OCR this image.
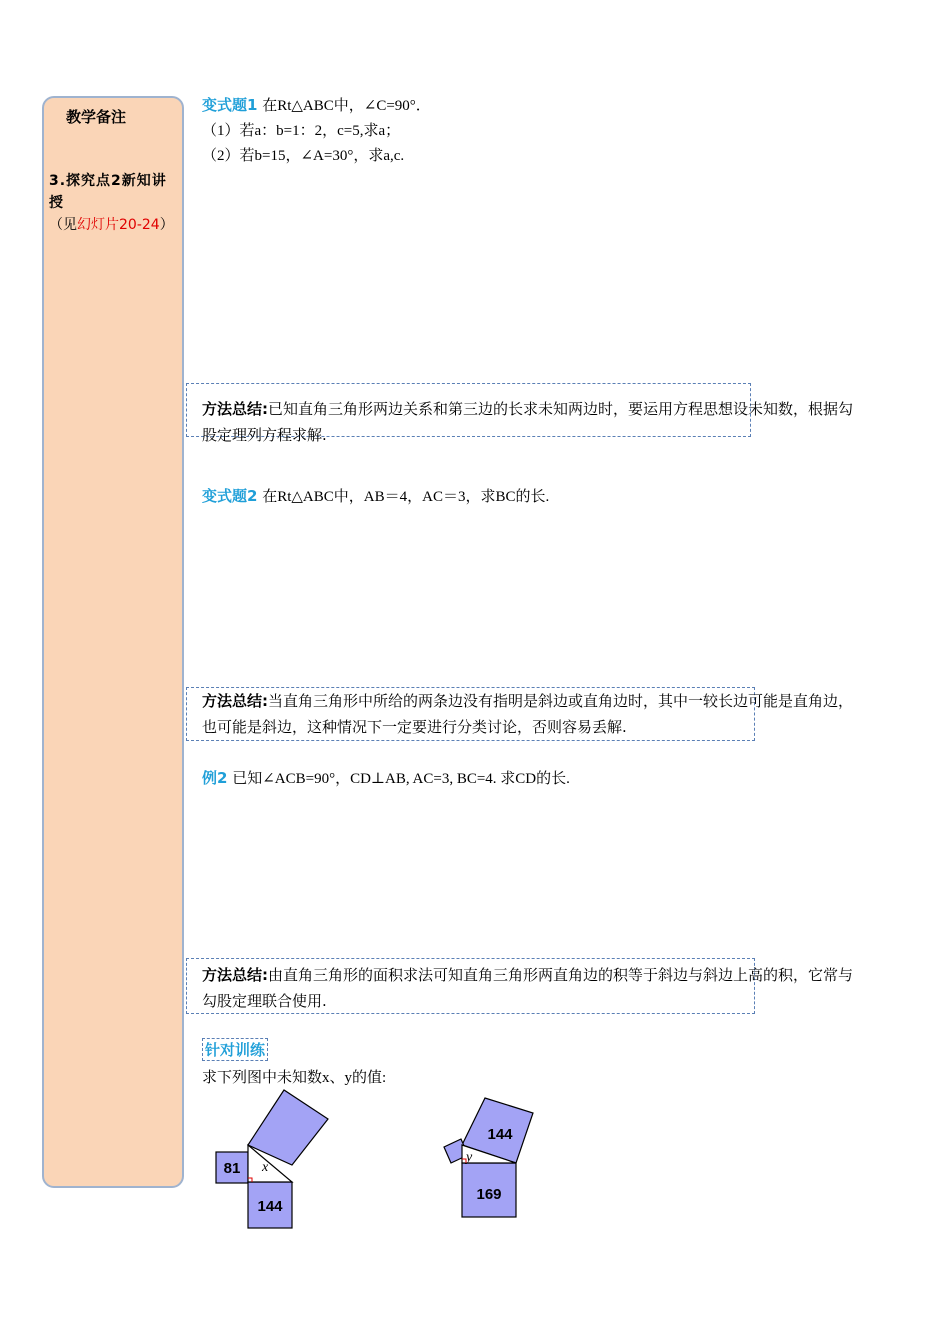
教学备注
3.探究点2新知讲授
（见幻灯片20-24）
变式题1 在Rt△ABC中，∠C=90°．
（1）若a：b=1：2，c=5,求a；
（2）若b=15，∠A=30°，求a,c.
方法总结:已知直角三角形两边关系和第三边的长求未知两边时，要运用方程思想设未知数，根据勾股定理列方程求解.
变式题2 在Rt△ABC中，AB＝4，AC＝3，求BC的长.
方法总结:当直角三角形中所给的两条边没有指明是斜边或直角边时，其中一较长边可能是直角边，也可能是斜边，这种情况下一定要进行分类讨论，否则容易丢解.
例2 已知∠ACB=90°，CD⊥AB, AC=3, BC=4. 求CD的长.
方法总结:由直角三角形的面积求法可知直角三角形两直角边的积等于斜边与斜边上高的积，它常与勾股定理联合使用.
针对训练
求下列图中未知数x、y的值:
81
144
x
144
169
y
